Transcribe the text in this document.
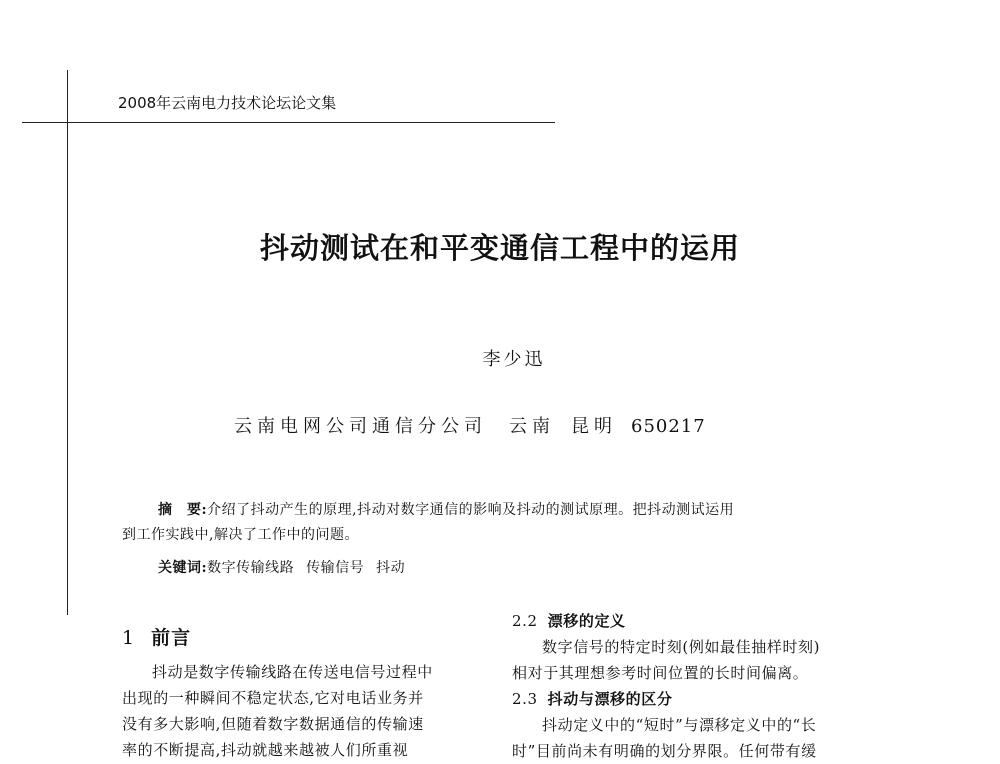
2008年云南电力技术论坛论文集
抖动测试在和平变通信工程中的运用
李少迅
云南电网公司通信分公司 云南 昆明 650217
摘　要:介绍了抖动产生的原理,抖动对数字通信的影响及抖动的测试原理。把抖动测试运用
到工作实践中,解决了工作中的问题。
关键词:数字传输线路 传输信号 抖动
1 前言
抖动是数字传输线路在传送电信号过程中
出现的一种瞬间不稳定状态,它对电话业务并
没有多大影响,但随着数字数据通信的传输速
率的不断提高,抖动就越来越被人们所重视
2.2 漂移的定义
数字信号的特定时刻(例如最佳抽样时刻)
相对于其理想参考时间位置的长时间偏离。
2.3 抖动与漂移的区分
抖动定义中的“短时”与漂移定义中的“长
时”目前尚未有明确的划分界限。任何带有缓
